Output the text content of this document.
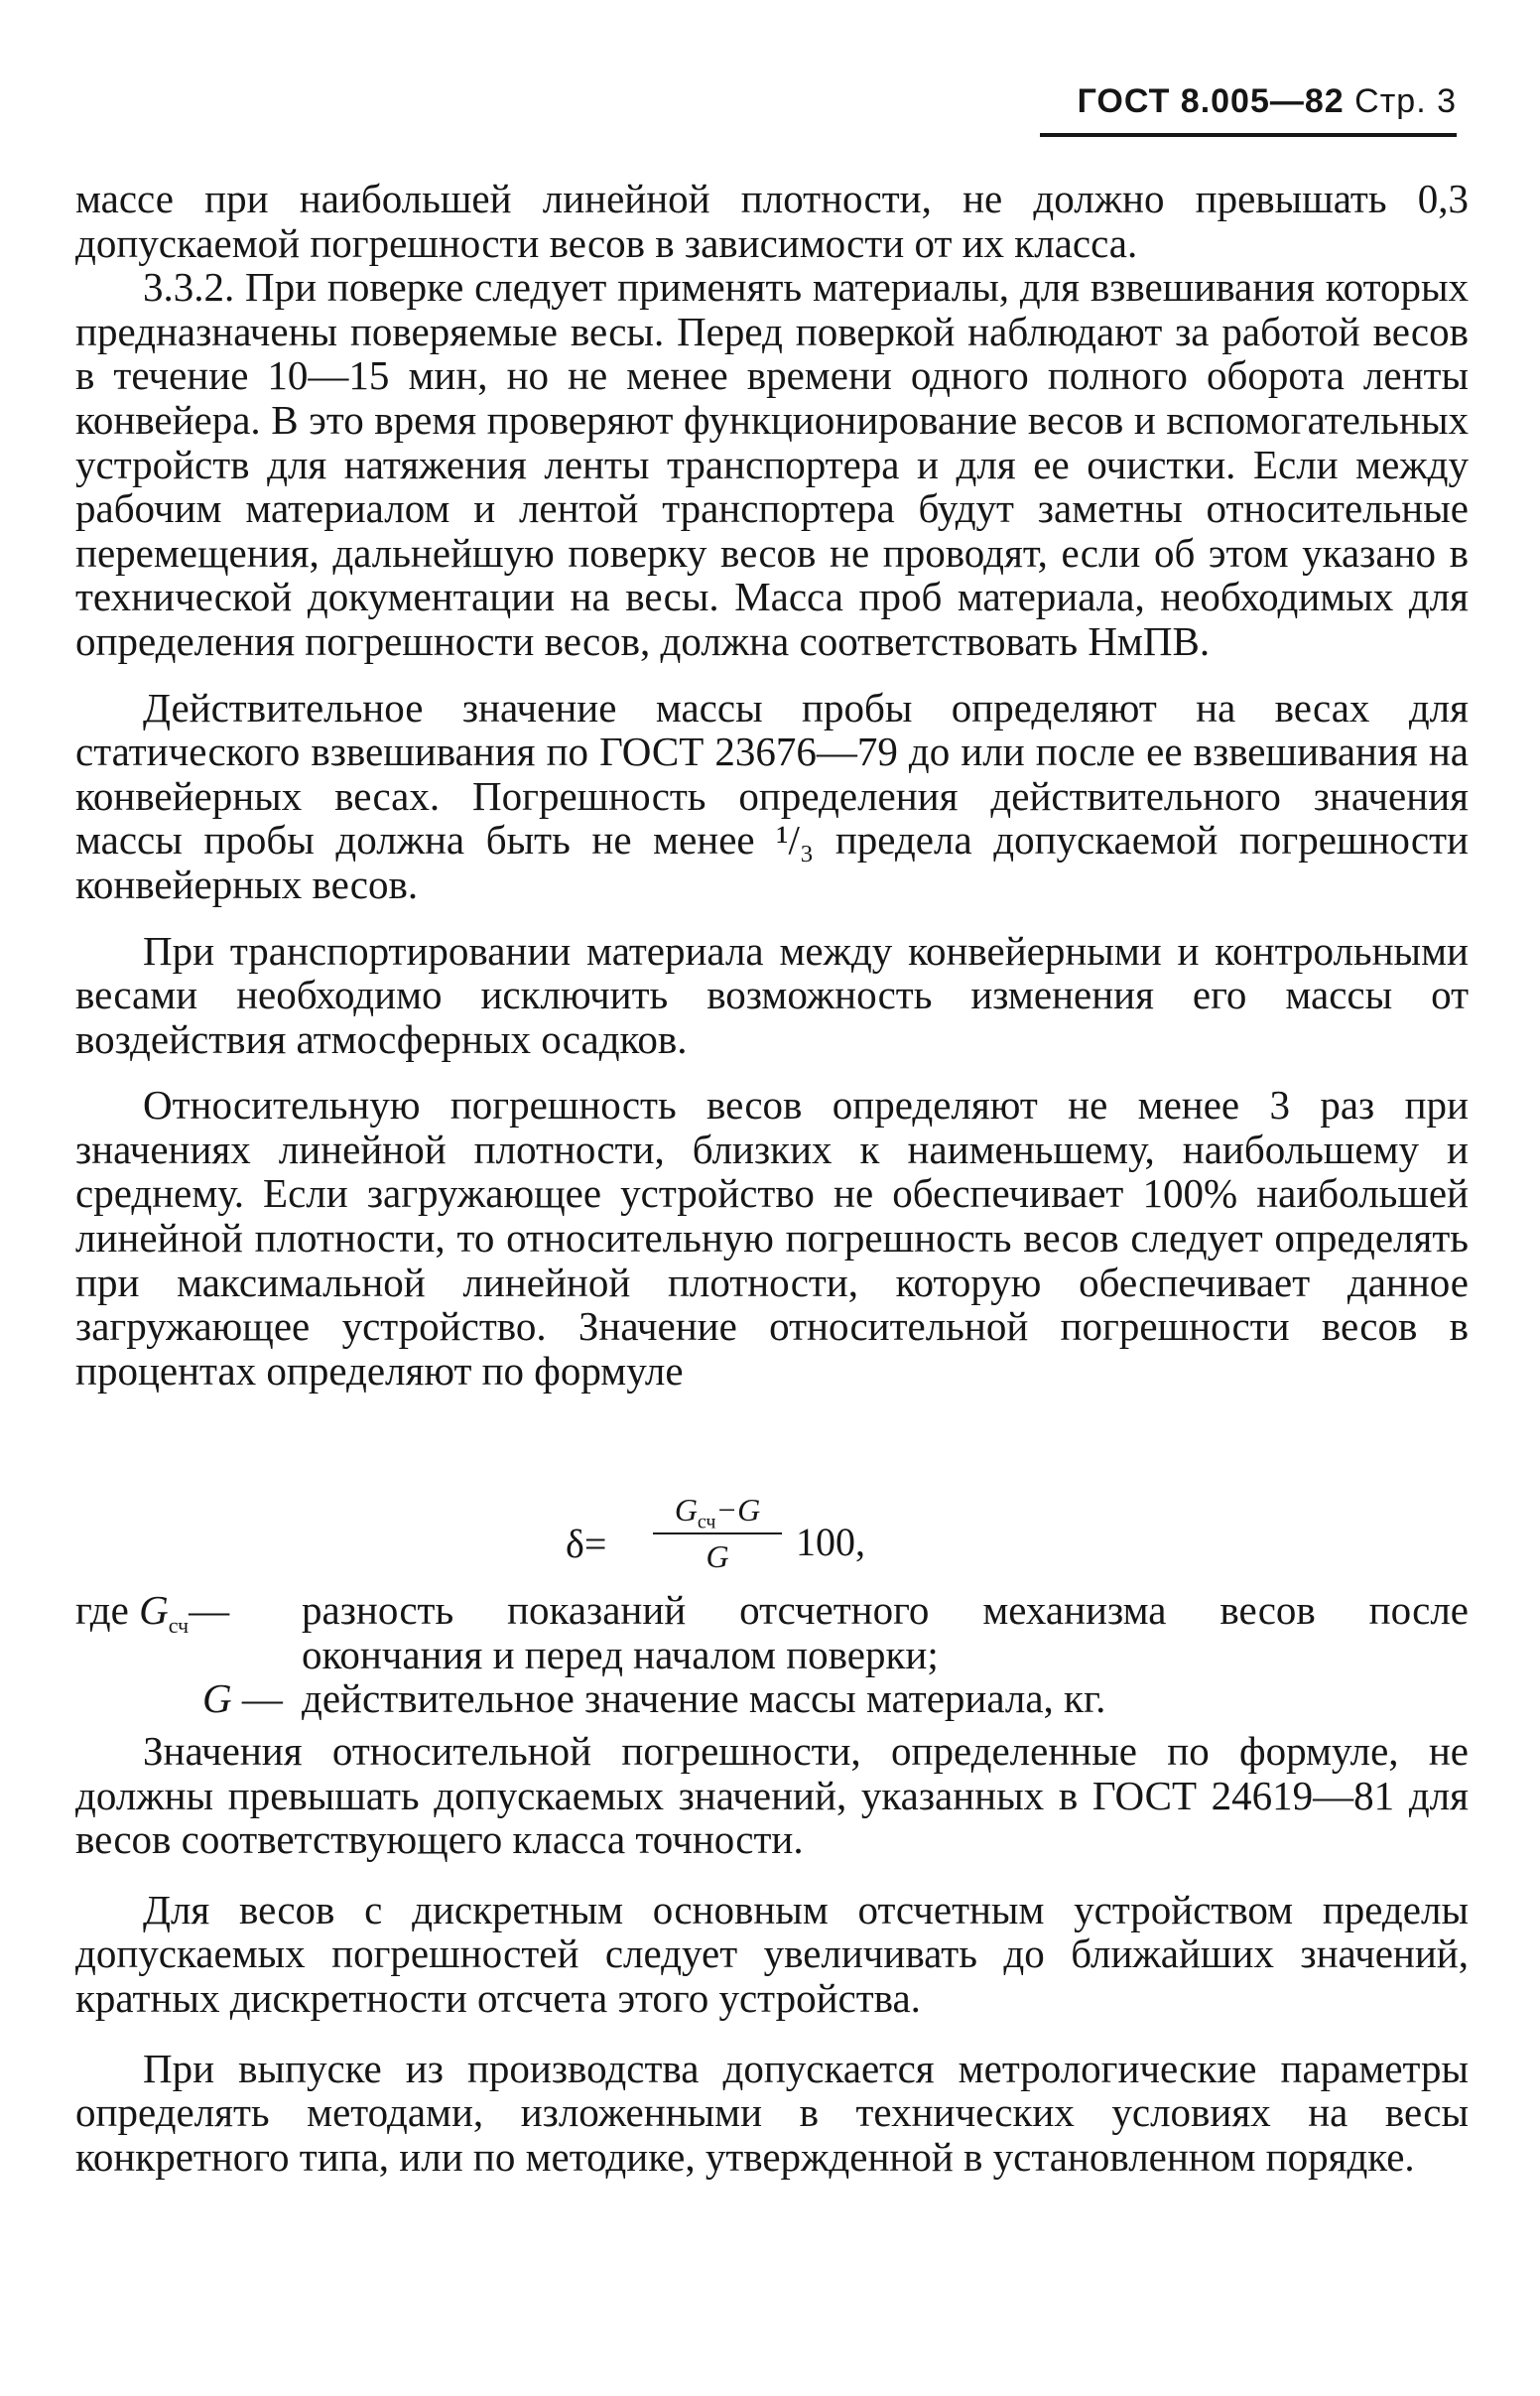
ГОСТ 8.005—82 Стр. 3

массе при наибольшей линейной плотности, не должно превышать 0,3 допускаемой погрешности весов в зависимости от их класса.

3.3.2. При поверке следует применять материалы, для взвешивания которых предназначены поверяемые весы. Перед поверкой наблюдают за работой весов в течение 10—15 мин, но не менее времени одного полного оборота ленты конвейера. В это время проверяют функционирование весов и вспомогательных устройств для натяжения ленты транспортера и для ее очистки. Если между рабочим материалом и лентой транспортера будут заметны относительные перемещения, дальнейшую поверку весов не проводят, если об этом указано в технической документации на весы. Масса проб материала, необходимых для определения погрешности весов, должна соответствовать НмПВ.

Действительное значение массы пробы определяют на весах для статического взвешивания по ГОСТ 23676—79 до или после ее взвешивания на конвейерных весах. Погрешность определения действительного значения массы пробы должна быть не менее ¹/₃ предела допускаемой погрешности конвейерных весов.

При транспортировании материала между конвейерными и контрольными весами необходимо исключить возможность изменения его массы от воздействия атмосферных осадков.

Относительную погрешность весов определяют не менее 3 раз при значениях линейной плотности, близких к наименьшему, наибольшему и среднему. Если загружающее устройство не обеспечивает 100% наибольшей линейной плотности, то относительную погрешность весов следует определять при максимальной линейной плотности, которую обеспечивает данное загружающее устройство. Значение относительной погрешности весов в процентах определяют по формуле

δ=
$G_{сч}-G$
G	100,
где $G_{сч}—$ разность показаний отсчетного механизма весов после
окончания и перед началом поверки;
G — действительное значение массы материала, кг.

Значения относительной погрешности, определенные по формуле, не должны превышать допускаемых значений, указанных в ГОСТ 24619—81 для весов соответствующего класса точности.

Для весов с дискретным основным отсчетным устройством пределы допускаемых погрешностей следует увеличивать до ближайших значений, кратных дискретности отсчета этого устройства.

При выпуске из производства допускается метрологические параметры определять методами, изложенными в технических условиях на весы конкретного типа, или по методике, утвержденной в установленном порядке.
